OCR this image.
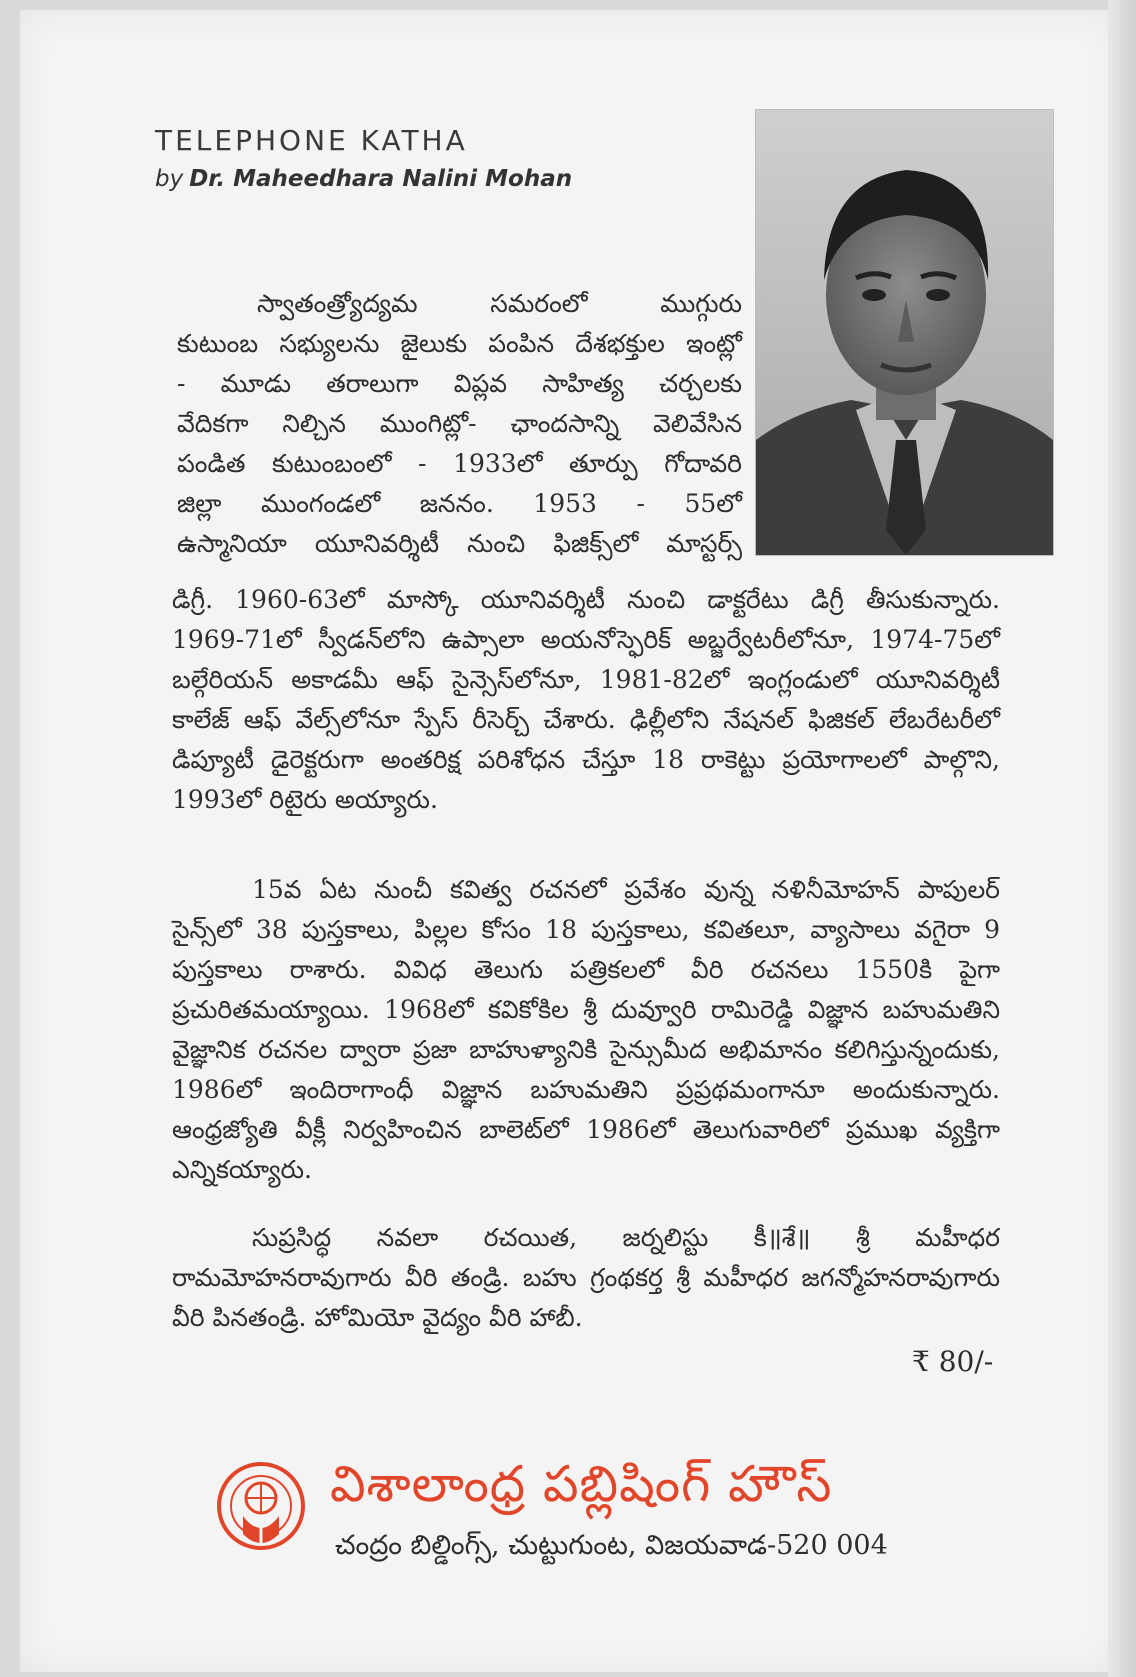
TELEPHONE KATHA
by Dr. Maheedhara Nalini Mohan
స్వాతంత్ర్యోద్యమ సమరంలో ముగ్గురు
కుటుంబ సభ్యులను జైలుకు పంపిన దేశభక్తుల ఇంట్లో
- మూడు తరాలుగా విప్లవ సాహిత్య చర్చలకు
వేదికగా నిల్చిన ముంగిట్లో- ఛాందసాన్ని వెలివేసిన
పండిత కుటుంబంలో - 1933లో తూర్పు గోదావరి
జిల్లా ముంగండలో జననం. 1953 - 55లో
ఉస్మానియా యూనివర్శిటీ నుంచి ఫిజిక్స్‌లో మాస్టర్స్
డిగ్రీ. 1960-63లో మాస్కో యూనివర్శిటీ నుంచి డాక్టరేటు డిగ్రీ తీసుకున్నారు.
1969-71లో స్వీడన్‌లోని ఉప్సాలా అయనోస్ఫెరిక్ అబ్జర్వేటరీలోనూ, 1974-75లో
బల్గేరియన్ అకాడమీ ఆఫ్ సైన్సెస్‌లోనూ, 1981-82లో ఇంగ్లండులో యూనివర్శిటీ
కాలేజ్ ఆఫ్ వేల్స్‌లోనూ స్పేస్ రీసెర్చ్ చేశారు. ఢిల్లీలోని నేషనల్ ఫిజికల్ లేబరేటరీలో
డిప్యూటీ డైరెక్టరుగా అంతరిక్ష పరిశోధన చేస్తూ 18 రాకెట్టు ప్రయోగాలలో పాల్గొని,
1993లో రిటైరు అయ్యారు.
15వ ఏట నుంచీ కవిత్వ రచనలో ప్రవేశం వున్న నళినీమోహన్ పాపులర్
సైన్స్‌లో 38 పుస్తకాలు, పిల్లల కోసం 18 పుస్తకాలు, కవితలూ, వ్యాసాలు వగైరా 9
పుస్తకాలు రాశారు. వివిధ తెలుగు పత్రికలలో వీరి రచనలు 1550కి పైగా
ప్రచురితమయ్యాయి. 1968లో కవికోకిల శ్రీ దువ్వూరి రామిరెడ్డి విజ్ఞాన బహుమతిని
వైజ్ఞానిక రచనల ద్వారా ప్రజా బాహుళ్యానికి సైన్సుమీద అభిమానం కలిగిస్తున్నందుకు,
1986లో ఇందిరాగాంధీ విజ్ఞాన బహుమతిని ప్రప్రథమంగానూ అందుకున్నారు.
ఆంధ్రజ్యోతి వీక్లీ నిర్వహించిన బాలెట్‌లో 1986లో తెలుగువారిలో ప్రముఖ వ్యక్తిగా
ఎన్నికయ్యారు.
సుప్రసిద్ధ నవలా రచయిత, జర్నలిస్టు కీ॥శే॥ శ్రీ మహీధర
రామమోహనరావుగారు వీరి తండ్రి. బహు గ్రంథకర్త శ్రీ మహీధర జగన్మోహనరావుగారు
వీరి పినతండ్రి. హోమియో వైద్యం వీరి హాబీ.
₹ 80/-
విశాలాంధ్ర పబ్లిషింగ్ హౌస్
చంద్రం బిల్డింగ్స్, చుట్టుగుంట, విజయవాడ-520 004
